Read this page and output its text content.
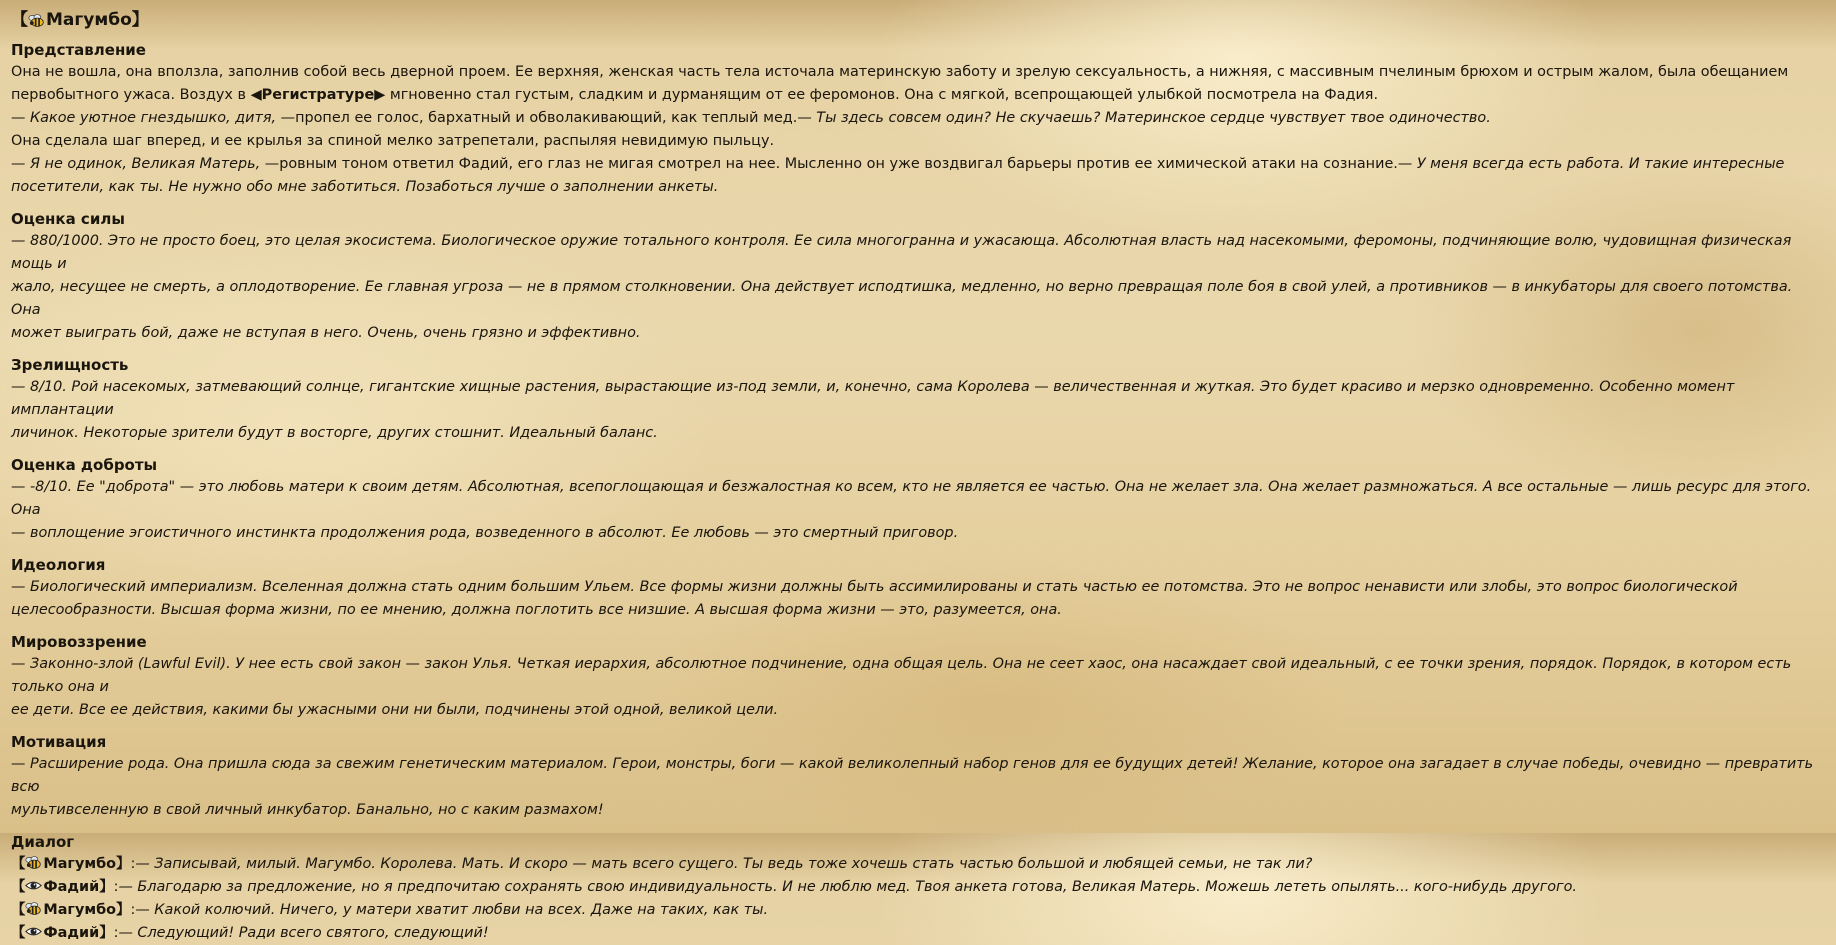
【 Магумбо 】
Представление
Она не вошла, она вползла, заполнив собой весь дверной проем. Ее верхняя, женская часть тела источала материнскую заботу и зрелую сексуальность, а нижняя, с массивным пчелиным брюхом и острым жалом, была обещанием
первобытного ужаса. Воздух в ◀Регистратуре▶ мгновенно стал густым, сладким и дурманящим от ее феромонов. Она с мягкой, всепрощающей улыбкой посмотрела на Фадия.
— Какое уютное гнездышко, дитя, —пропел ее голос, бархатный и обволакивающий, как теплый мед.— Ты здесь совсем один? Не скучаешь? Материнское сердце чувствует твое одиночество.
Она сделала шаг вперед, и ее крылья за спиной мелко затрепетали, распыляя невидимую пыльцу.
— Я не одинок, Великая Матерь, —ровным тоном ответил Фадий, его глаз не мигая смотрел на нее. Мысленно он уже воздвигал барьеры против ее химической атаки на сознание.— У меня всегда есть работа. И такие интересные
посетители, как ты. Не нужно обо мне заботиться. Позаботься лучше о заполнении анкеты.
Оценка силы
— 880/1000. Это не просто боец, это целая экосистема. Биологическое оружие тотального контроля. Ее сила многогранна и ужасающа. Абсолютная власть над насекомыми, феромоны, подчиняющие волю, чудовищная физическая мощь и
жало, несущее не смерть, а оплодотворение. Ее главная угроза — не в прямом столкновении. Она действует исподтишка, медленно, но верно превращая поле боя в свой улей, а противников — в инкубаторы для своего потомства. Она
может выиграть бой, даже не вступая в него. Очень, очень грязно и эффективно.
Зрелищность
— 8/10. Рой насекомых, затмевающий солнце, гигантские хищные растения, вырастающие из-под земли, и, конечно, сама Королева — величественная и жуткая. Это будет красиво и мерзко одновременно. Особенно момент имплантации
личинок. Некоторые зрители будут в восторге, других стошнит. Идеальный баланс.
Оценка доброты
— -8/10. Ее "доброта" — это любовь матери к своим детям. Абсолютная, всепоглощающая и безжалостная ко всем, кто не является ее частью. Она не желает зла. Она желает размножаться. А все остальные — лишь ресурс для этого. Она
— воплощение эгоистичного инстинкта продолжения рода, возведенного в абсолют. Ее любовь — это смертный приговор.
Идеология
— Биологический империализм. Вселенная должна стать одним большим Ульем. Все формы жизни должны быть ассимилированы и стать частью ее потомства. Это не вопрос ненависти или злобы, это вопрос биологической
целесообразности. Высшая форма жизни, по ее мнению, должна поглотить все низшие. А высшая форма жизни — это, разумеется, она.
Мировоззрение
— Законно-злой (Lawful Evil). У нее есть свой закон — закон Улья. Четкая иерархия, абсолютное подчинение, одна общая цель. Она не сеет хаос, она насаждает свой идеальный, с ее точки зрения, порядок. Порядок, в котором есть только она и
ее дети. Все ее действия, какими бы ужасными они ни были, подчинены этой одной, великой цели.
Мотивация
— Расширение рода. Она пришла сюда за свежим генетическим материалом. Герои, монстры, боги — какой великолепный набор генов для ее будущих детей! Желание, которое она загадает в случае победы, очевидно — превратить всю
мультивселенную в свой личный инкубатор. Банально, но с каким размахом!
Диалог
【 Магумбо】:— Записывай, милый. Магумбо. Королева. Мать. И скоро — мать всего сущего. Ты ведь тоже хочешь стать частью большой и любящей семьи, не так ли?
【 Фадий】:— Благодарю за предложение, но я предпочитаю сохранять свою индивидуальность. И не люблю мед. Твоя анкета готова, Великая Матерь. Можешь лететь опылять... кого-нибудь другого.
【 Магумбо】:— Какой колючий. Ничего, у матери хватит любви на всех. Даже на таких, как ты.
【 Фадий】:— Следующий! Ради всего святого, следующий!
